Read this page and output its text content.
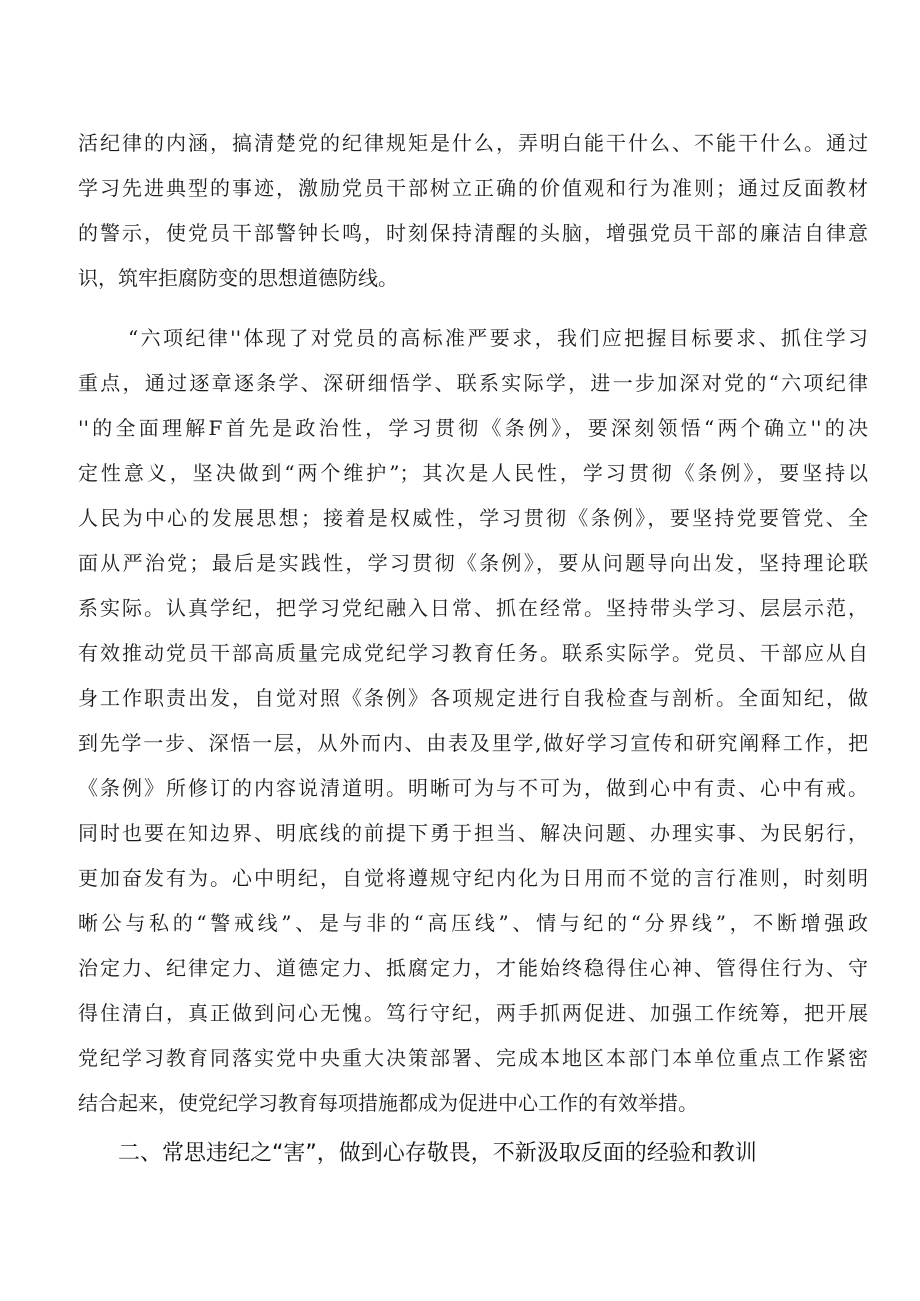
活纪律的内涵，搞清楚党的纪律规矩是什么，弄明白能干什么、不能干什么。通过
学习先进典型的事迹，激励党员干部树立正确的价值观和行为准则；通过反面教材
的警示，使党员干部警钟长鸣，时刻保持清醒的头脑，增强党员干部的廉洁自律意
识，筑牢拒腐防变的思想道德防线。
“六项纪律''体现了对党员的高标准严要求，我们应把握目标要求、抓住学习
重点，通过逐章逐条学、深研细悟学、联系实际学，进一步加深对党的“六项纪律
''的全面理解F首先是政治性，学习贯彻《条例》，要深刻领悟“两个确立''的决
定性意义，坚决做到“两个维护”；其次是人民性，学习贯彻《条例》，要坚持以
人民为中心的发展思想；接着是权威性，学习贯彻《条例》，要坚持党要管党、全
面从严治党；最后是实践性，学习贯彻《条例》，要从问题导向出发，坚持理论联
系实际。认真学纪，把学习党纪融入日常、抓在经常。坚持带头学习、层层示范，
有效推动党员干部高质量完成党纪学习教育任务。联系实际学。党员、干部应从自
身工作职责出发，自觉对照《条例》各项规定进行自我检查与剖析。全面知纪，做
到先学一步、深悟一层，从外而内、由表及里学,做好学习宣传和研究阐释工作，把
《条例》所修订的内容说清道明。明晰可为与不可为，做到心中有责、心中有戒。
同时也要在知边界、明底线的前提下勇于担当、解决问题、办理实事、为民躬行，
更加奋发有为。心中明纪，自觉将遵规守纪内化为日用而不觉的言行准则，时刻明
晰公与私的“警戒线”、是与非的“高压线”、情与纪的“分界线”，不断增强政
治定力、纪律定力、道德定力、抵腐定力，才能始终稳得住心神、管得住行为、守
得住清白，真正做到问心无愧。笃行守纪，两手抓两促进、加强工作统筹，把开展
党纪学习教育同落实党中央重大决策部署、完成本地区本部门本单位重点工作紧密
结合起来，使党纪学习教育每项措施都成为促进中心工作的有效举措。
二、常思违纪之“害”，做到心存敬畏，不新汲取反面的经验和教训
